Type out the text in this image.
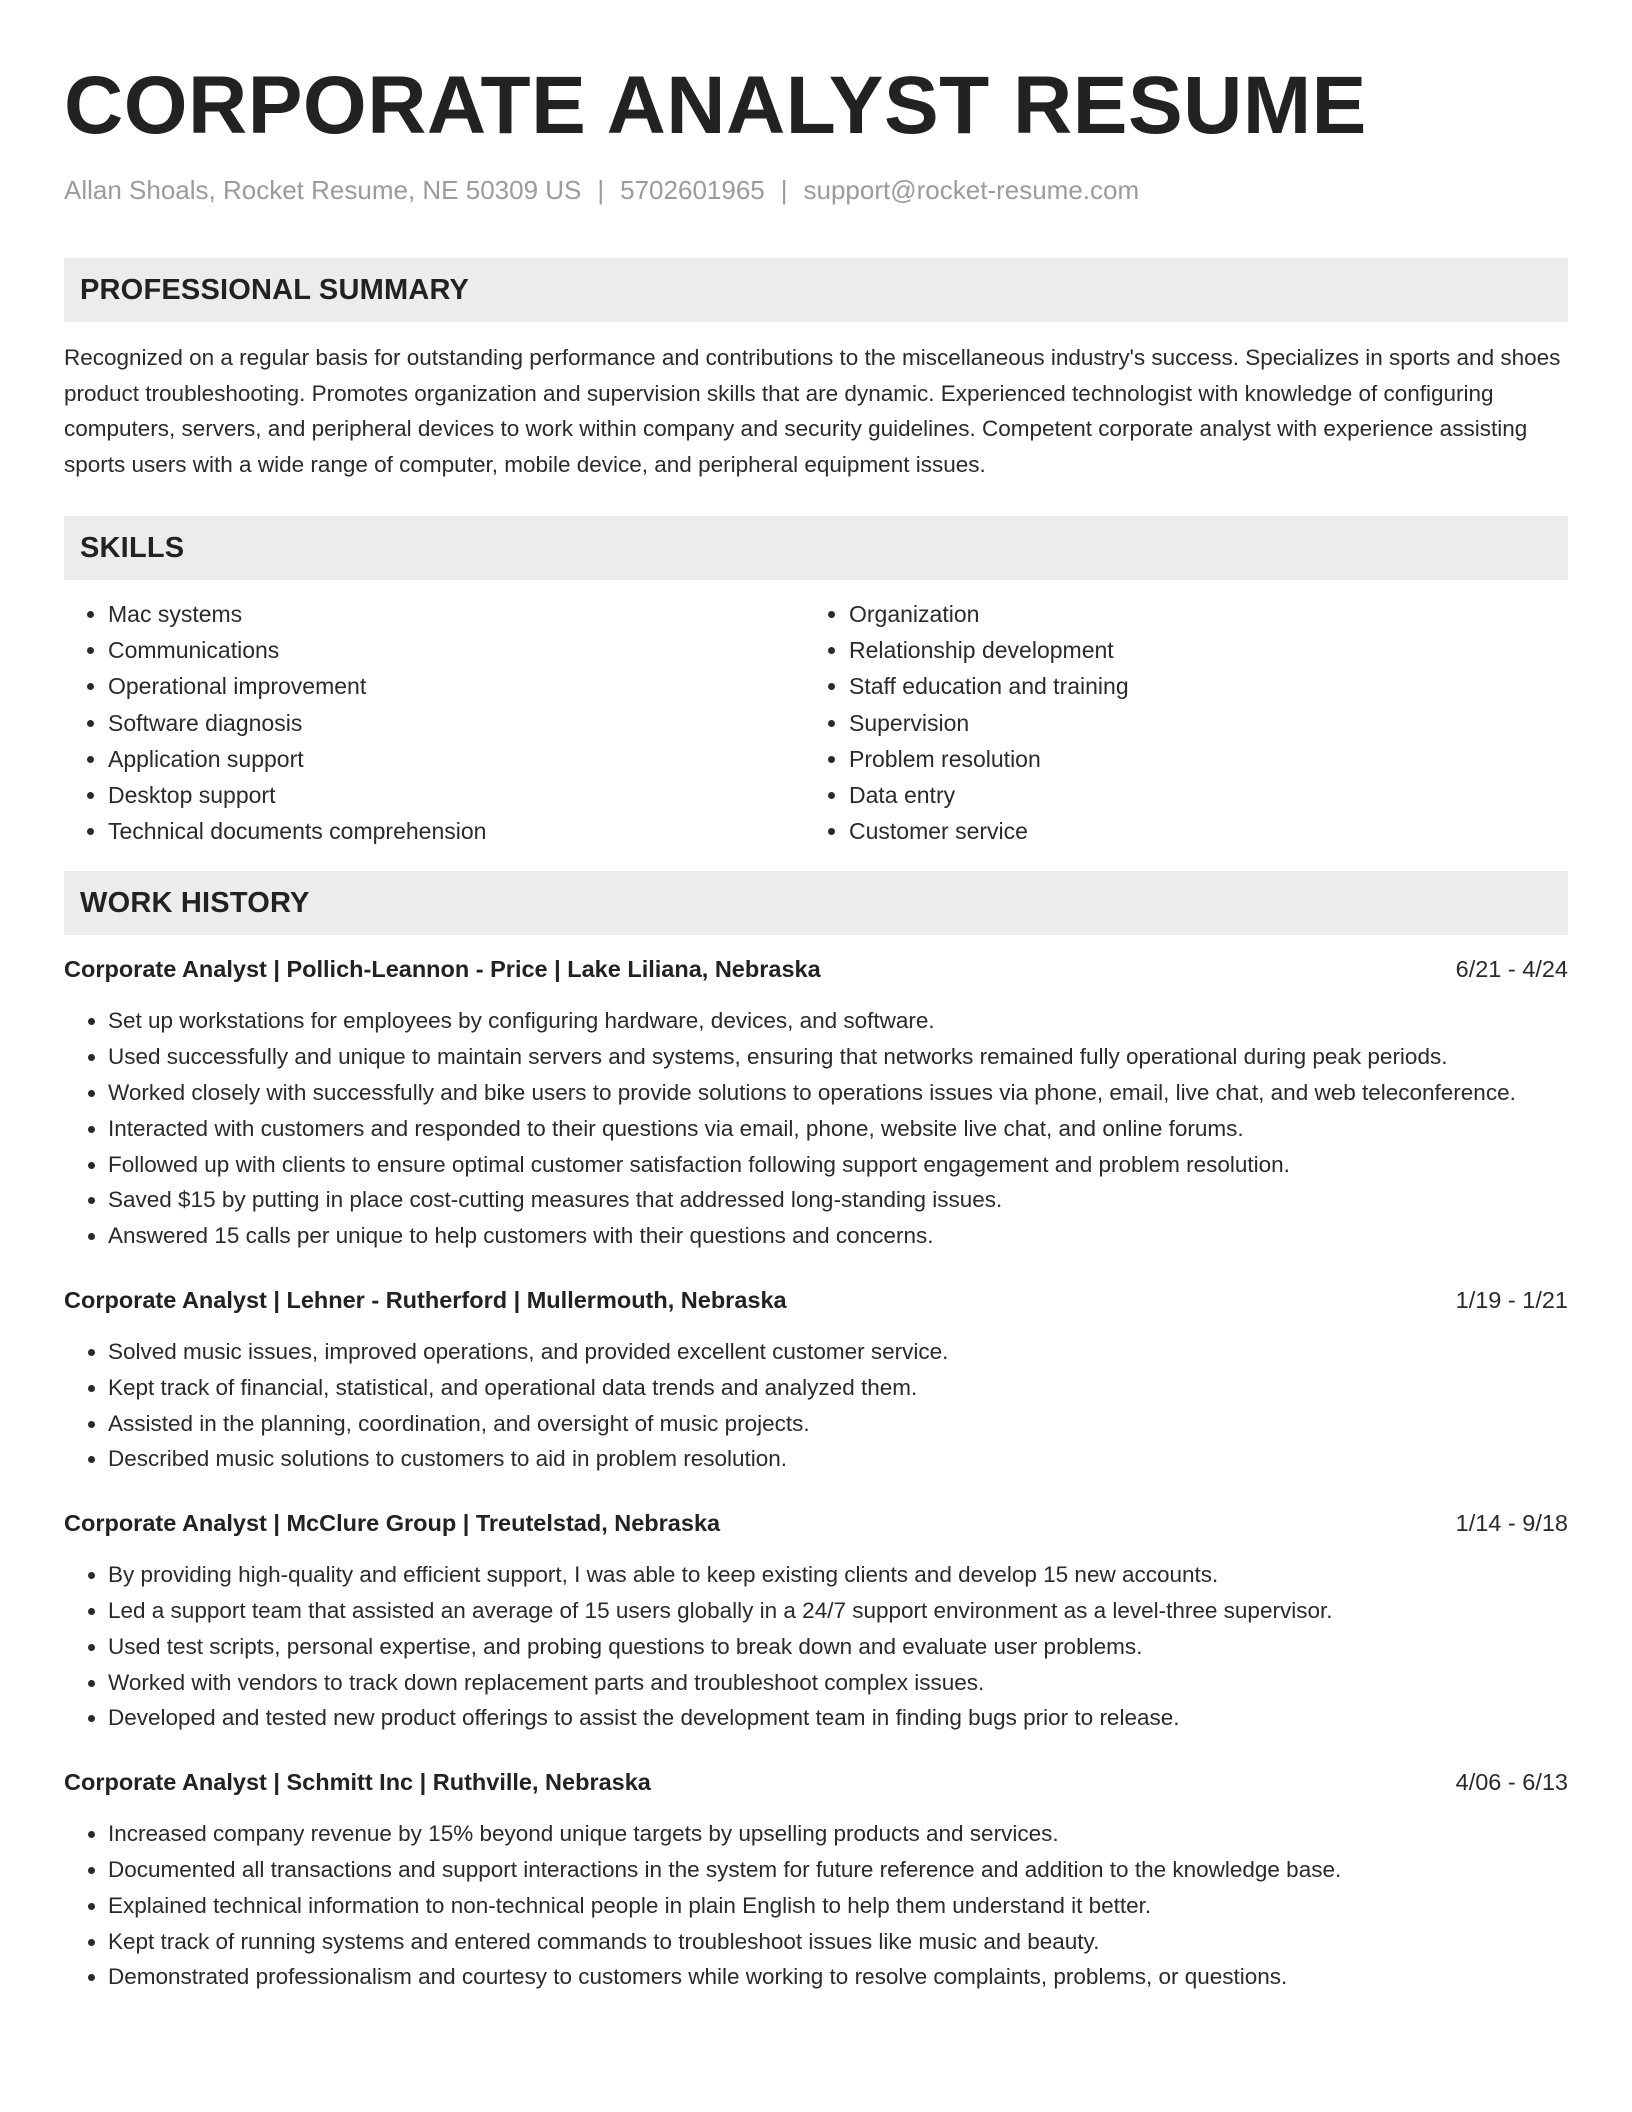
CORPORATE ANALYST RESUME
Allan Shoals, Rocket Resume, NE 50309 US | 5702601965 | support@rocket-resume.com
PROFESSIONAL SUMMARY

Recognized on a regular basis for outstanding performance and contributions to the miscellaneous industry's success. Specializes in sports and shoes product troubleshooting. Promotes organization and supervision skills that are dynamic. Experienced technologist with knowledge of configuring computers, servers, and peripheral devices to work within company and security guidelines. Competent corporate analyst with experience assisting sports users with a wide range of computer, mobile device, and peripheral equipment issues.

SKILLS
• Mac systems
• Communications
• Operational improvement
• Software diagnosis
• Application support
• Desktop support
• Technical documents comprehension
• Organization
• Relationship development
• Staff education and training
• Supervision
• Problem resolution
• Data entry
• Customer service
WORK HISTORY
Corporate Analyst | Pollich-Leannon - Price | Lake Liliana, Nebraska	6/21 - 4/24
• Set up workstations for employees by configuring hardware, devices, and software.
• Used successfully and unique to maintain servers and systems, ensuring that networks remained fully operational during peak periods.
• Worked closely with successfully and bike users to provide solutions to operations issues via phone, email, live chat, and web teleconference.
• Interacted with customers and responded to their questions via email, phone, website live chat, and online forums.
• Followed up with clients to ensure optimal customer satisfaction following support engagement and problem resolution.
• Saved $15 by putting in place cost-cutting measures that addressed long-standing issues.
• Answered 15 calls per unique to help customers with their questions and concerns.
Corporate Analyst | Lehner - Rutherford | Mullermouth, Nebraska	1/19 - 1/21
• Solved music issues, improved operations, and provided excellent customer service.
• Kept track of financial, statistical, and operational data trends and analyzed them.
• Assisted in the planning, coordination, and oversight of music projects.
• Described music solutions to customers to aid in problem resolution.
Corporate Analyst | McClure Group | Treutelstad, Nebraska	1/14 - 9/18
• By providing high-quality and efficient support, I was able to keep existing clients and develop 15 new accounts.
• Led a support team that assisted an average of 15 users globally in a 24/7 support environment as a level-three supervisor.
• Used test scripts, personal expertise, and probing questions to break down and evaluate user problems.
• Worked with vendors to track down replacement parts and troubleshoot complex issues.
• Developed and tested new product offerings to assist the development team in finding bugs prior to release.
Corporate Analyst | Schmitt Inc | Ruthville, Nebraska	4/06 - 6/13
• Increased company revenue by 15% beyond unique targets by upselling products and services.
• Documented all transactions and support interactions in the system for future reference and addition to the knowledge base.
• Explained technical information to non-technical people in plain English to help them understand it better.
• Kept track of running systems and entered commands to troubleshoot issues like music and beauty.
• Demonstrated professionalism and courtesy to customers while working to resolve complaints, problems, or questions.
